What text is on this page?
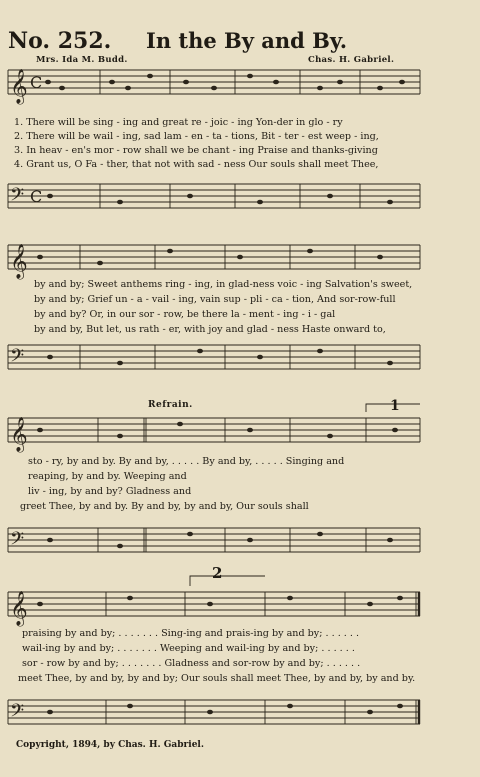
No. 252. In the By and By.
Mrs. Ida M. Budd.	Chas. H. Gabriel.
𝄞
𝄞
𝄞
𝄞
𝄢
𝄢
𝄢
𝄢
C
C
1. There will be sing - ing and great re - joic - ing Yon-der in glo - ry
2. There will be wail - ing, sad lam - en - ta - tions, Bit - ter - est weep - ing,
3. In heav - en's mor - row shall we be chant - ing Praise and thanks-giving
4. Grant us, O Fa - ther, that not with sad - ness Our souls shall meet Thee,
by and by; Sweet anthems ring - ing, in glad-ness voic - ing Salvation's sweet,
by and by; Grief un - a - vail - ing, vain sup - pli - ca - tion, And sor-row-full
by and by? Or, in our sor - row, be there la - ment - ing - i - gal
by and by, But let, us rath - er, with joy and glad - ness Haste onward to,
Refrain.	1
sto - ry, by and by. By and by, . . . . . By and by, . . . . . Singing and
reaping, by and by. Weeping and
liv - ing, by and by? Gladness and
greet Thee, by and by. By and by, by and by, Our souls shall
2
praising by and by; . . . . . . . Sing-ing and prais-ing by and by; . . . . . .
wail-ing by and by; . . . . . . . Weeping and wail-ing by and by; . . . . . .
sor - row by and by; . . . . . . . Gladness and sor-row by and by; . . . . . .
meet Thee, by and by, by and by; Our souls shall meet Thee, by and by, by and by.
Copyright, 1894, by Chas. H. Gabriel.
